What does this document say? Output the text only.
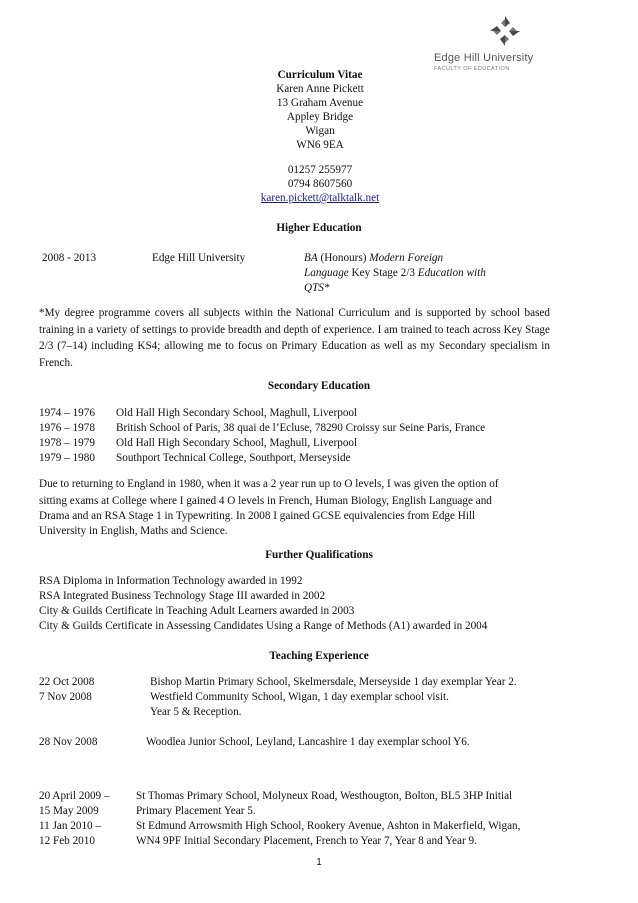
Edge Hill University
FACULTY OF EDUCATION
Curriculum Vitae
Karen Anne Pickett
13 Graham Avenue
Appley Bridge
Wigan
WN6 9EA
01257 255977
0794 8607560
karen.pickett@talktalk.net
Higher Education
2008 - 2013	Edge Hill University	BA (Honours) Modern Foreign
Language Key Stage 2/3 Education with
QTS*
*My degree programme covers all subjects within the National Curriculum and is supported by school based training in a variety of settings to provide breadth and depth of experience. I am trained to teach across Key Stage 2/3 (7–14) including KS4; allowing me to focus on Primary Education as well as my Secondary specialism in French.
Secondary Education
1974 – 1976 Old Hall High Secondary School, Maghull, Liverpool
1976 – 1978 British School of Paris, 38 quai de l’Ecluse, 78290 Croissy sur Seine Paris, France
1978 – 1979 Old Hall High Secondary School, Maghull, Liverpool
1979 – 1980 Southport Technical College, Southport, Merseyside
Due to returning to England in 1980, when it was a 2 year run up to O levels, I was given the option of
sitting exams at College where I gained 4 O levels in French, Human Biology, English Language and
Drama and an RSA Stage 1 in Typewriting. In 2008 I gained GCSE equivalencies from Edge Hill
University in English, Maths and Science.
Further Qualifications
RSA Diploma in Information Technology awarded in 1992
RSA Integrated Business Technology Stage III awarded in 2002
City & Guilds Certificate in Teaching Adult Learners awarded in 2003
City & Guilds Certificate in Assessing Candidates Using a Range of Methods (A1) awarded in 2004
Teaching Experience
22 Oct 2008	Bishop Martin Primary School, Skelmersdale, Merseyside 1 day exemplar Year 2.
7 Nov 2008	Westfield Community School, Wigan, 1 day exemplar school visit.
Year 5 & Reception.
28 Nov 2008	Woodlea Junior School, Leyland, Lancashire 1 day exemplar school Y6.
20 April 2009 – St Thomas Primary School, Molyneux Road, Westhougton, Bolton, BL5 3HP Initial
15 May 2009	Primary Placement Year 5.
11 Jan 2010 –	St Edmund Arrowsmith High School, Rookery Avenue, Ashton in Makerfield, Wigan,
12 Feb 2010	WN4 9PF Initial Secondary Placement, French to Year 7, Year 8 and Year 9.
1
